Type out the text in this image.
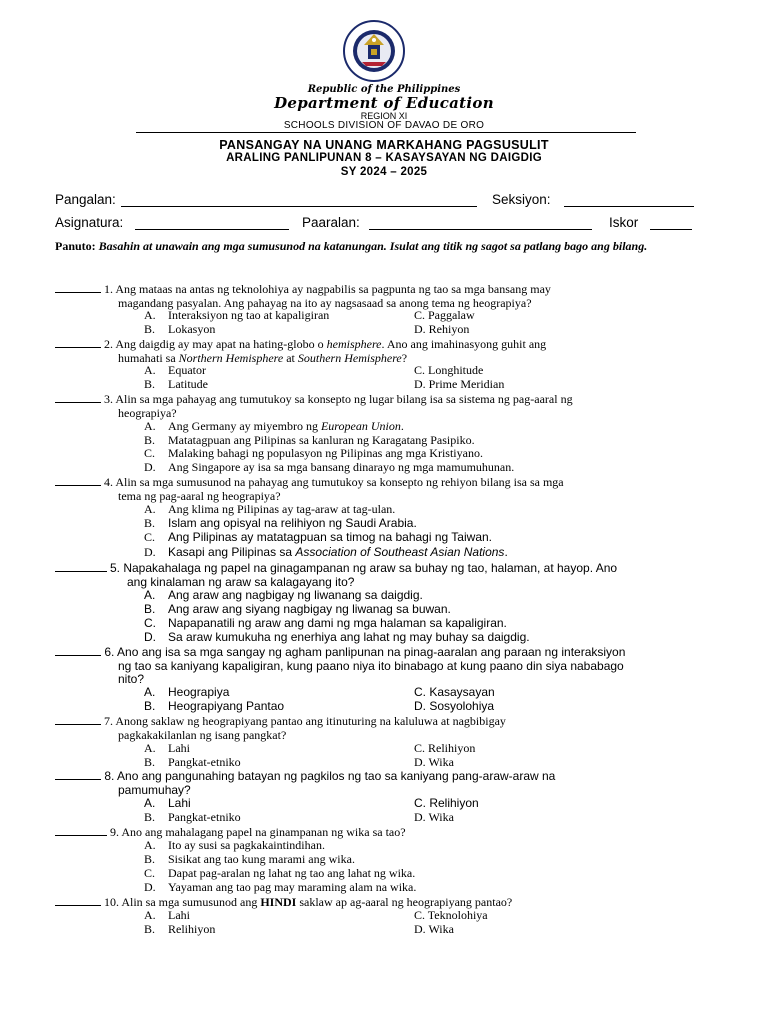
Republic of the Philippines
Department of Education
REGION XI
SCHOOLS DIVISION OF DAVAO DE ORO
PANSANGAY NA UNANG MARKAHANG PAGSUSULIT
ARALING PANLIPUNAN 8 – KASAYSAYAN NG DAIGDIG
SY 2024 – 2025
Pangalan:	Seksiyon:
Asignatura:	Paaralan:	Iskor
Panuto: Basahin at unawain ang mga sumusunod na katanungan. Isulat ang titik ng sagot sa patlang bago ang bilang.
1. Ang mataas na antas ng teknolohiya ay nagpabilis sa pagpunta ng tao sa mga bansang may
magandang pasyalan. Ang pahayag na ito ay nagsasaad sa anong tema ng heograpiya?
A. Interaksiyon ng tao at kapaligiran	C. Paggalaw
B. Lokasyon	D. Rehiyon
2. Ang daigdig ay may apat na hating-globo o hemisphere. Ano ang imahinasyong guhit ang
humahati sa Northern Hemisphere at Southern Hemisphere?
A. Equator	C. Longhitude
B. Latitude	D. Prime Meridian
3. Alin sa mga pahayag ang tumutukoy sa konsepto ng lugar bilang isa sa sistema ng pag-aaral ng
heograpiya?
A. Ang Germany ay miyembro ng European Union.
B. Matatagpuan ang Pilipinas sa kanluran ng Karagatang Pasipiko.
C. Malaking bahagi ng populasyon ng Pilipinas ang mga Kristiyano.
D. Ang Singapore ay isa sa mga bansang dinarayo ng mga mamumuhunan.
4. Alin sa mga sumusunod na pahayag ang tumutukoy sa konsepto ng rehiyon bilang isa sa mga
tema ng pag-aaral ng heograpiya?
A. Ang klima ng Pilipinas ay tag-araw at tag-ulan.
B. Islam ang opisyal na relihiyon ng Saudi Arabia.
C. Ang Pilipinas ay matatagpuan sa timog na bahagi ng Taiwan.
D. Kasapi ang Pilipinas sa Association of Southeast Asian Nations.
5. Napakahalaga ng papel na ginagampanan ng araw sa buhay ng tao, halaman, at hayop. Ano
ang kinalaman ng araw sa kalagayang ito?
A. Ang araw ang nagbigay ng liwanang sa daigdig.
B. Ang araw ang siyang nagbigay ng liwanag sa buwan.
C. Napapanatili ng araw ang dami ng mga halaman sa kapaligiran.
D. Sa araw kumukuha ng enerhiya ang lahat ng may buhay sa daigdig.
6. Ano ang isa sa mga sangay ng agham panlipunan na pinag-aaralan ang paraan ng interaksiyon
ng tao sa kaniyang kapaligiran, kung paano niya ito binabago at kung paano din siya nababago
nito?
A. Heograpiya	C. Kasaysayan
B. Heograpiyang Pantao	D. Sosyolohiya
7. Anong saklaw ng heograpiyang pantao ang itinuturing na kaluluwa at nagbibigay
pagkakakilanlan ng isang pangkat?
A. Lahi	C. Relihiyon
B. Pangkat-etniko	D. Wika
8. Ano ang pangunahing batayan ng pagkilos ng tao sa kaniyang pang-araw-araw na
pamumuhay?
A. Lahi	C. Relihiyon
B. Pangkat-etniko	D. Wika
9. Ano ang mahalagang papel na ginampanan ng wika sa tao?
A. Ito ay susi sa pagkakaintindihan.
B. Sisikat ang tao kung marami ang wika.
C. Dapat pag-aralan ng lahat ng tao ang lahat ng wika.
D. Yayaman ang tao pag may maraming alam na wika.
10. Alin sa mga sumusunod ang HINDI saklaw ap ag-aaral ng heograpiyang pantao?
A. Lahi	C. Teknolohiya
B. Relihiyon	D. Wika
